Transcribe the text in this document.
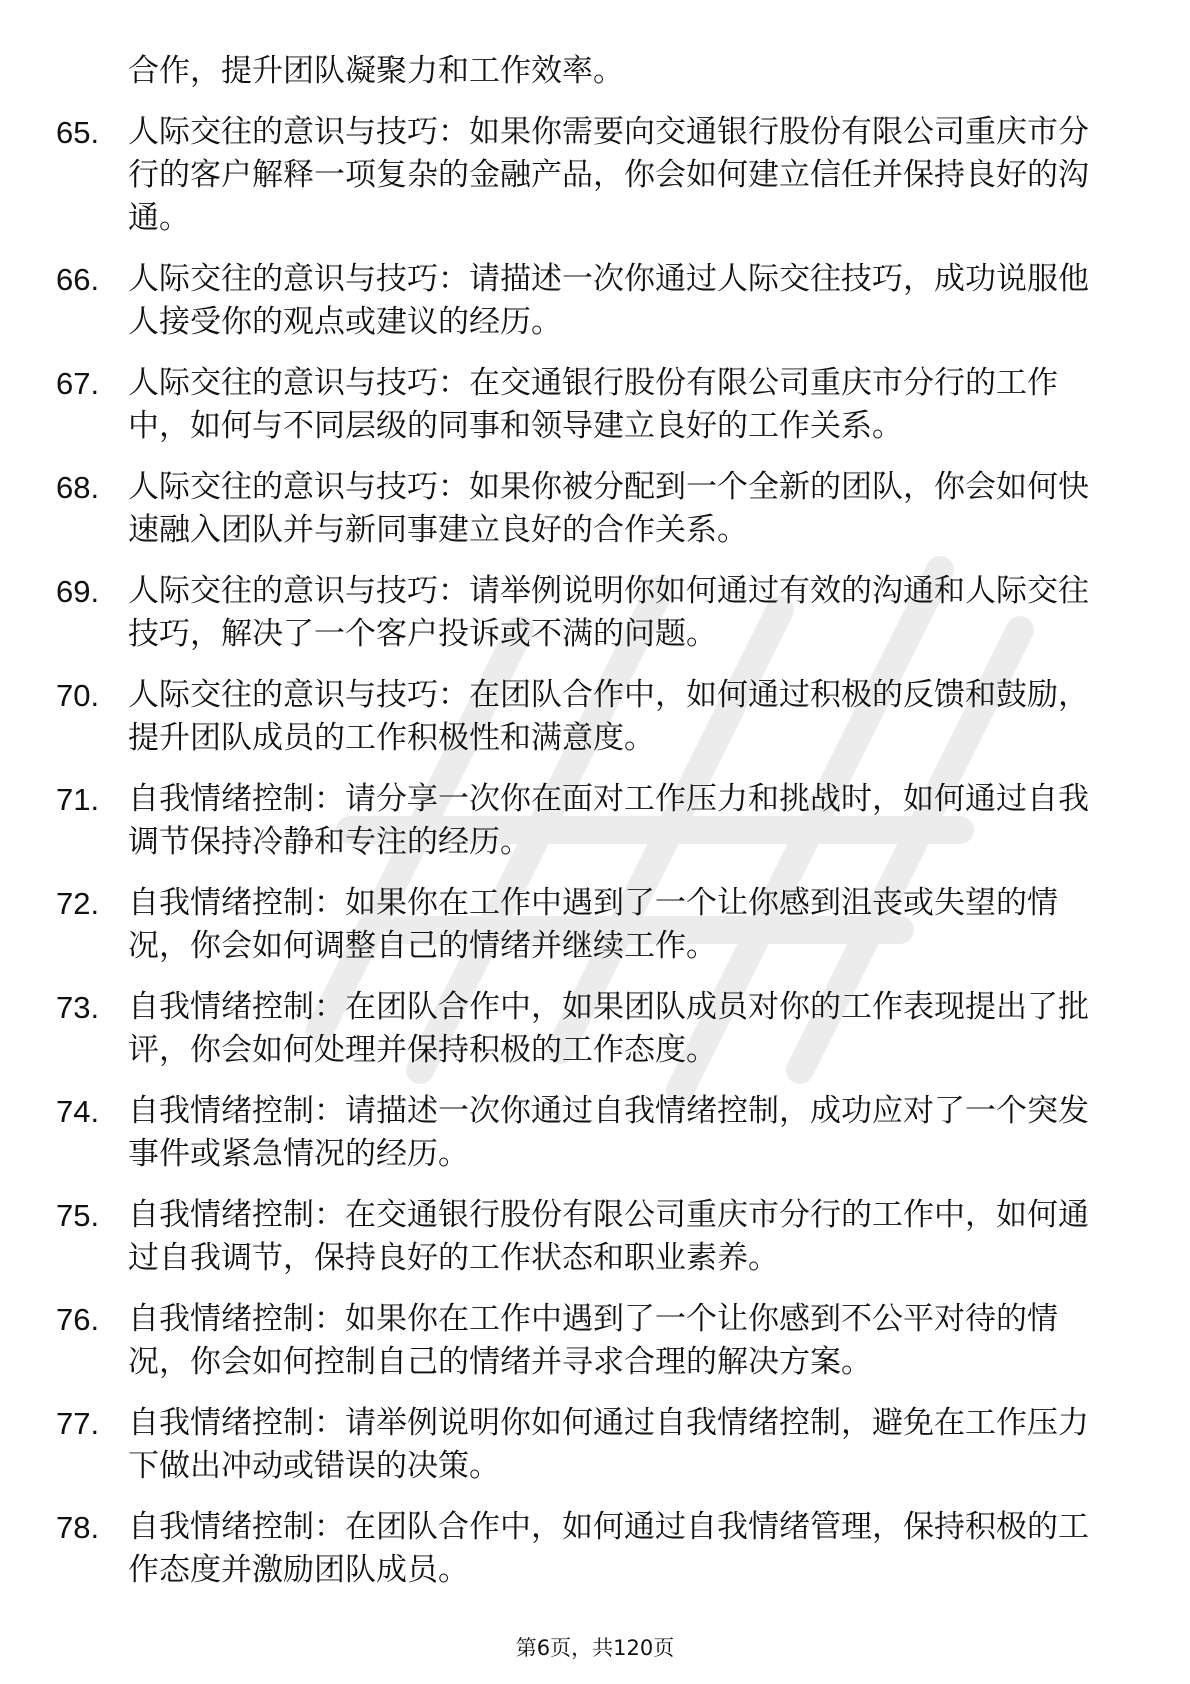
合作，提升团队凝聚力和工作效率。
65. 人际交往的意识与技巧：如果你需要向交通银行股份有限公司重庆市分行的客户解释一项复杂的金融产品，你会如何建立信任并保持良好的沟通。
66. 人际交往的意识与技巧：请描述一次你通过人际交往技巧，成功说服他人接受你的观点或建议的经历。
67. 人际交往的意识与技巧：在交通银行股份有限公司重庆市分行的工作中，如何与不同层级的同事和领导建立良好的工作关系。
68. 人际交往的意识与技巧：如果你被分配到一个全新的团队，你会如何快速融入团队并与新同事建立良好的合作关系。
69. 人际交往的意识与技巧：请举例说明你如何通过有效的沟通和人际交往技巧，解决了一个客户投诉或不满的问题。
70. 人际交往的意识与技巧：在团队合作中，如何通过积极的反馈和鼓励，提升团队成员的工作积极性和满意度。
71. 自我情绪控制：请分享一次你在面对工作压力和挑战时，如何通过自我调节保持冷静和专注的经历。
72. 自我情绪控制：如果你在工作中遇到了一个让你感到沮丧或失望的情况，你会如何调整自己的情绪并继续工作。
73. 自我情绪控制：在团队合作中，如果团队成员对你的工作表现提出了批评，你会如何处理并保持积极的工作态度。
74. 自我情绪控制：请描述一次你通过自我情绪控制，成功应对了一个突发事件或紧急情况的经历。
75. 自我情绪控制：在交通银行股份有限公司重庆市分行的工作中，如何通过自我调节，保持良好的工作状态和职业素养。
76. 自我情绪控制：如果你在工作中遇到了一个让你感到不公平对待的情况，你会如何控制自己的情绪并寻求合理的解决方案。
77. 自我情绪控制：请举例说明你如何通过自我情绪控制，避免在工作压力下做出冲动或错误的决策。
78. 自我情绪控制：在团队合作中，如何通过自我情绪管理，保持积极的工作态度并激励团队成员。
第6页，共120页
